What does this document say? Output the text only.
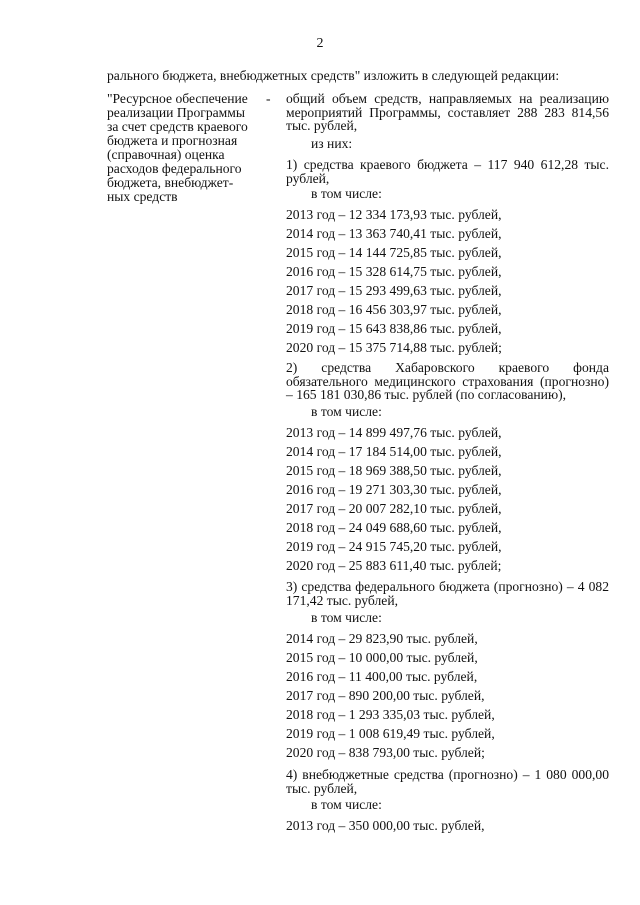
2
рального бюджета, внебюджетных средств" изложить в следующей редакции:
"Ресурсное обеспечение
реализации Программы
за счет средств краевого
бюджета и прогнозная
(справочная) оценка
расходов федерального
бюджета, внебюджет-
ных средств
- общий объем средств, направляемых на реализацию мероприятий Программы, составляет 288 283 814,56 тыс. рублей,
из них:
1) средства краевого бюджета – 117 940 612,28 тыс. рублей,
в том числе:
2013 год – 12 334 173,93 тыс. рублей,
2014 год – 13 363 740,41 тыс. рублей,
2015 год – 14 144 725,85 тыс. рублей,
2016 год – 15 328 614,75 тыс. рублей,
2017 год – 15 293 499,63 тыс. рублей,
2018 год – 16 456 303,97 тыс. рублей,
2019 год – 15 643 838,86 тыс. рублей,
2020 год – 15 375 714,88 тыс. рублей;
2) средства Хабаровского краевого фонда обязательного медицинского страхования (прогнозно) – 165 181 030,86 тыс. рублей (по согласованию),
в том числе:
2013 год – 14 899 497,76 тыс. рублей,
2014 год – 17 184 514,00 тыс. рублей,
2015 год – 18 969 388,50 тыс. рублей,
2016 год – 19 271 303,30 тыс. рублей,
2017 год – 20 007 282,10 тыс. рублей,
2018 год – 24 049 688,60 тыс. рублей,
2019 год – 24 915 745,20 тыс. рублей,
2020 год – 25 883 611,40 тыс. рублей;
3) средства федерального бюджета (прогнозно) – 4 082 171,42 тыс. рублей,
в том числе:
2014 год – 29 823,90 тыс. рублей,
2015 год – 10 000,00 тыс. рублей,
2016 год – 11 400,00 тыс. рублей,
2017 год – 890 200,00 тыс. рублей,
2018 год – 1 293 335,03 тыс. рублей,
2019 год – 1 008 619,49 тыс. рублей,
2020 год – 838 793,00 тыс. рублей;
4) внебюджетные средства (прогнозно) – 1 080 000,00 тыс. рублей,
в том числе:
2013 год – 350 000,00 тыс. рублей,
